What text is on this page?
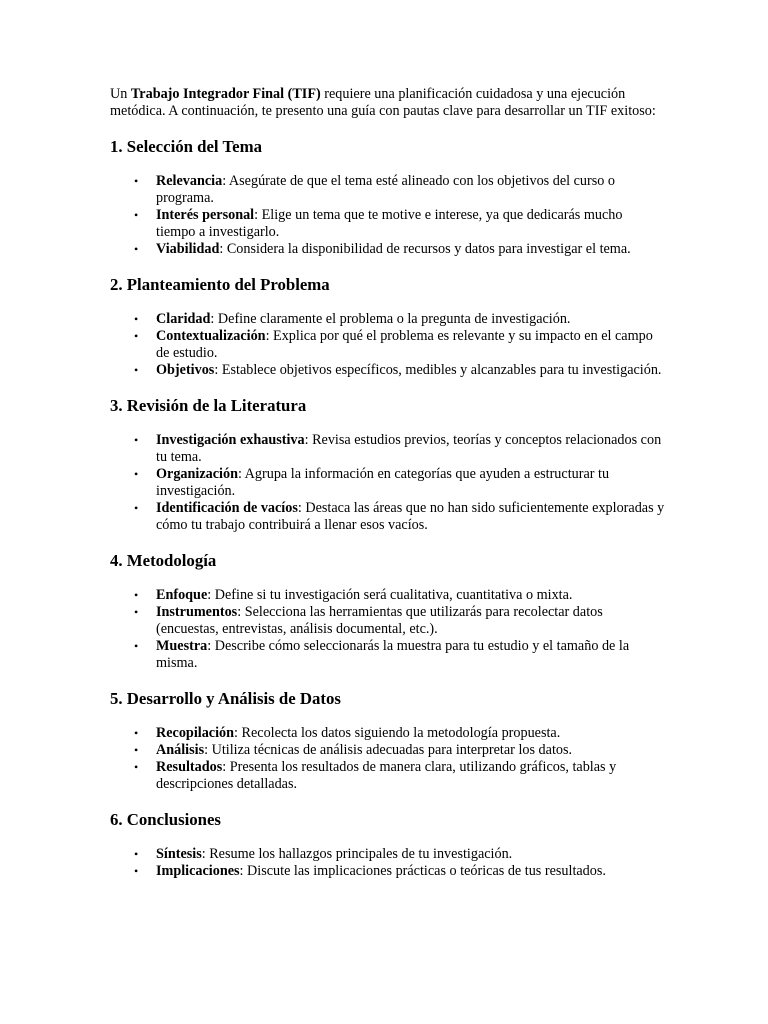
Un Trabajo Integrador Final (TIF) requiere una planificación cuidadosa y una ejecución metódica. A continuación, te presento una guía con pautas clave para desarrollar un TIF exitoso:

1. Selección del Tema
• Relevancia: Asegúrate de que el tema esté alineado con los objetivos del curso o programa.
• Interés personal: Elige un tema que te motive e interese, ya que dedicarás mucho tiempo a investigarlo.
• Viabilidad: Considera la disponibilidad de recursos y datos para investigar el tema.
2. Planteamiento del Problema
• Claridad: Define claramente el problema o la pregunta de investigación.
• Contextualización: Explica por qué el problema es relevante y su impacto en el campo de estudio.
• Objetivos: Establece objetivos específicos, medibles y alcanzables para tu investigación.
3. Revisión de la Literatura
• Investigación exhaustiva: Revisa estudios previos, teorías y conceptos relacionados con tu tema.
• Organización: Agrupa la información en categorías que ayuden a estructurar tu investigación.
• Identificación de vacíos: Destaca las áreas que no han sido suficientemente exploradas y cómo tu trabajo contribuirá a llenar esos vacíos.
4. Metodología
• Enfoque: Define si tu investigación será cualitativa, cuantitativa o mixta.
• Instrumentos: Selecciona las herramientas que utilizarás para recolectar datos (encuestas, entrevistas, análisis documental, etc.).
• Muestra: Describe cómo seleccionarás la muestra para tu estudio y el tamaño de la misma.
5. Desarrollo y Análisis de Datos
• Recopilación: Recolecta los datos siguiendo la metodología propuesta.
• Análisis: Utiliza técnicas de análisis adecuadas para interpretar los datos.
• Resultados: Presenta los resultados de manera clara, utilizando gráficos, tablas y descripciones detalladas.
6. Conclusiones
• Síntesis: Resume los hallazgos principales de tu investigación.
• Implicaciones: Discute las implicaciones prácticas o teóricas de tus resultados.
